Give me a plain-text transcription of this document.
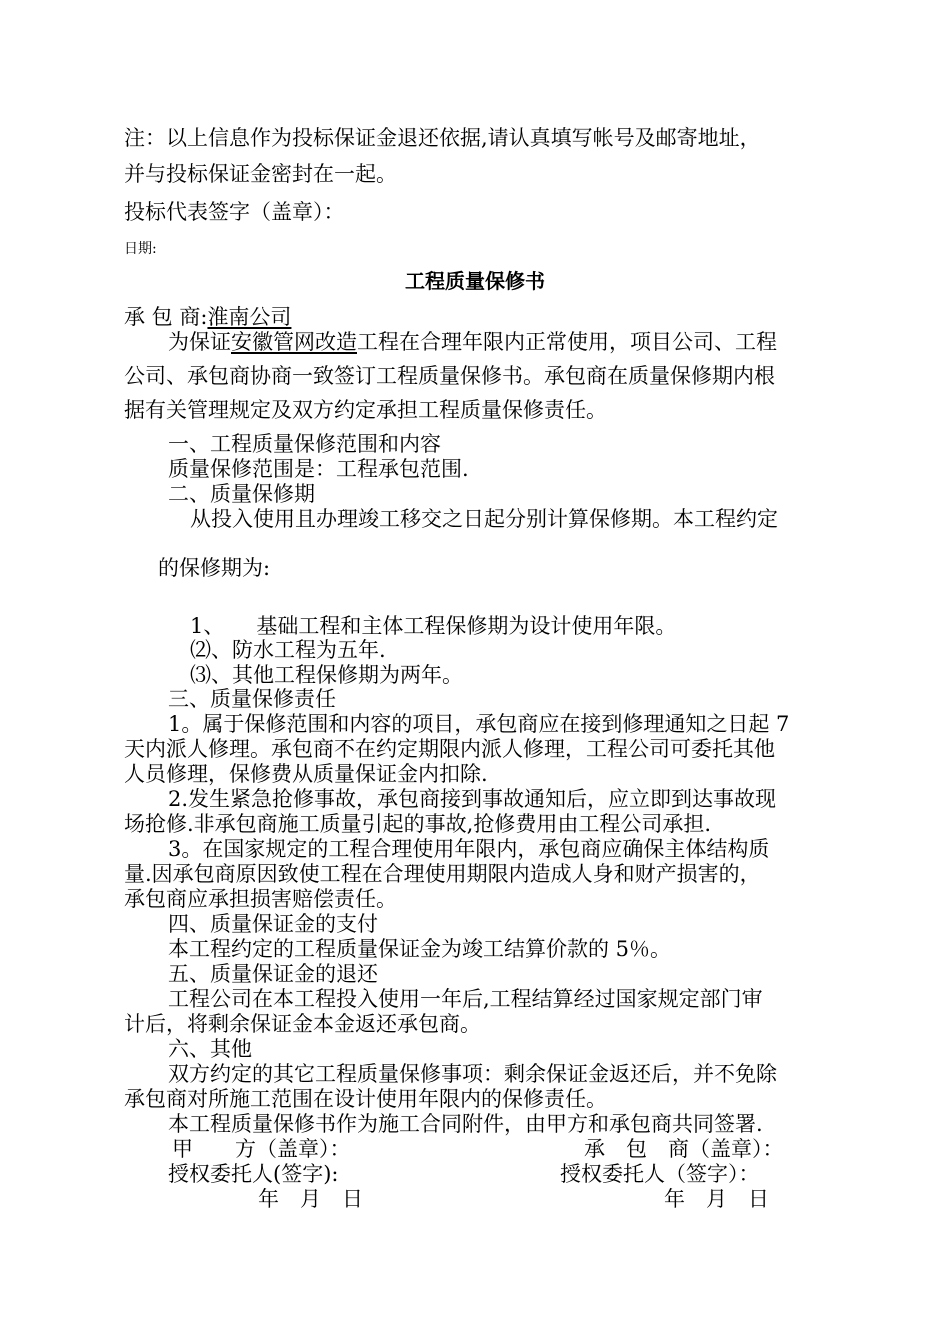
注：以上信息作为投标保证金退还依据,请认真填写帐号及邮寄地址，
并与投标保证金密封在一起。
投标代表签字（盖章）：
日期:
工程质量保修书
承 包 商:淮南公司
为保证安徽管网改造工程在合理年限内正常使用，项目公司、工程
公司、承包商协商一致签订工程质量保修书。承包商在质量保修期内根
据有关管理规定及双方约定承担工程质量保修责任。
一、工程质量保修范围和内容
质量保修范围是：工程承包范围.
二、质量保修期
从投入使用且办理竣工移交之日起分别计算保修期。本工程约定
的保修期为:
1、 基础工程和主体工程保修期为设计使用年限。
⑵、防水工程为五年.
⑶、其他工程保修期为两年。
三、质量保修责任
1。属于保修范围和内容的项目，承包商应在接到修理通知之日起 7
天内派人修理。承包商不在约定期限内派人修理，工程公司可委托其他
人员修理，保修费从质量保证金内扣除.
2.发生紧急抢修事故，承包商接到事故通知后，应立即到达事故现
场抢修.非承包商施工质量引起的事故,抢修费用由工程公司承担.
3。在国家规定的工程合理使用年限内，承包商应确保主体结构质
量.因承包商原因致使工程在合理使用期限内造成人身和财产损害的，
承包商应承担损害赔偿责任。
四、质量保证金的支付
本工程约定的工程质量保证金为竣工结算价款的 5％。
五、质量保证金的退还
工程公司在本工程投入使用一年后,工程结算经过国家规定部门审
计后，将剩余保证金本金返还承包商。
六、其他
双方约定的其它工程质量保修事项：剩余保证金返还后，并不免除
承包商对所施工范围在设计使用年限内的保修责任。
本工程质量保修书作为施工合同附件，由甲方和承包商共同签署.
甲　　方（盖章）：	承　包　商（盖章）：
授权委托人(签字):	授权委托人（签字）：
年　月　日	年　月　日
